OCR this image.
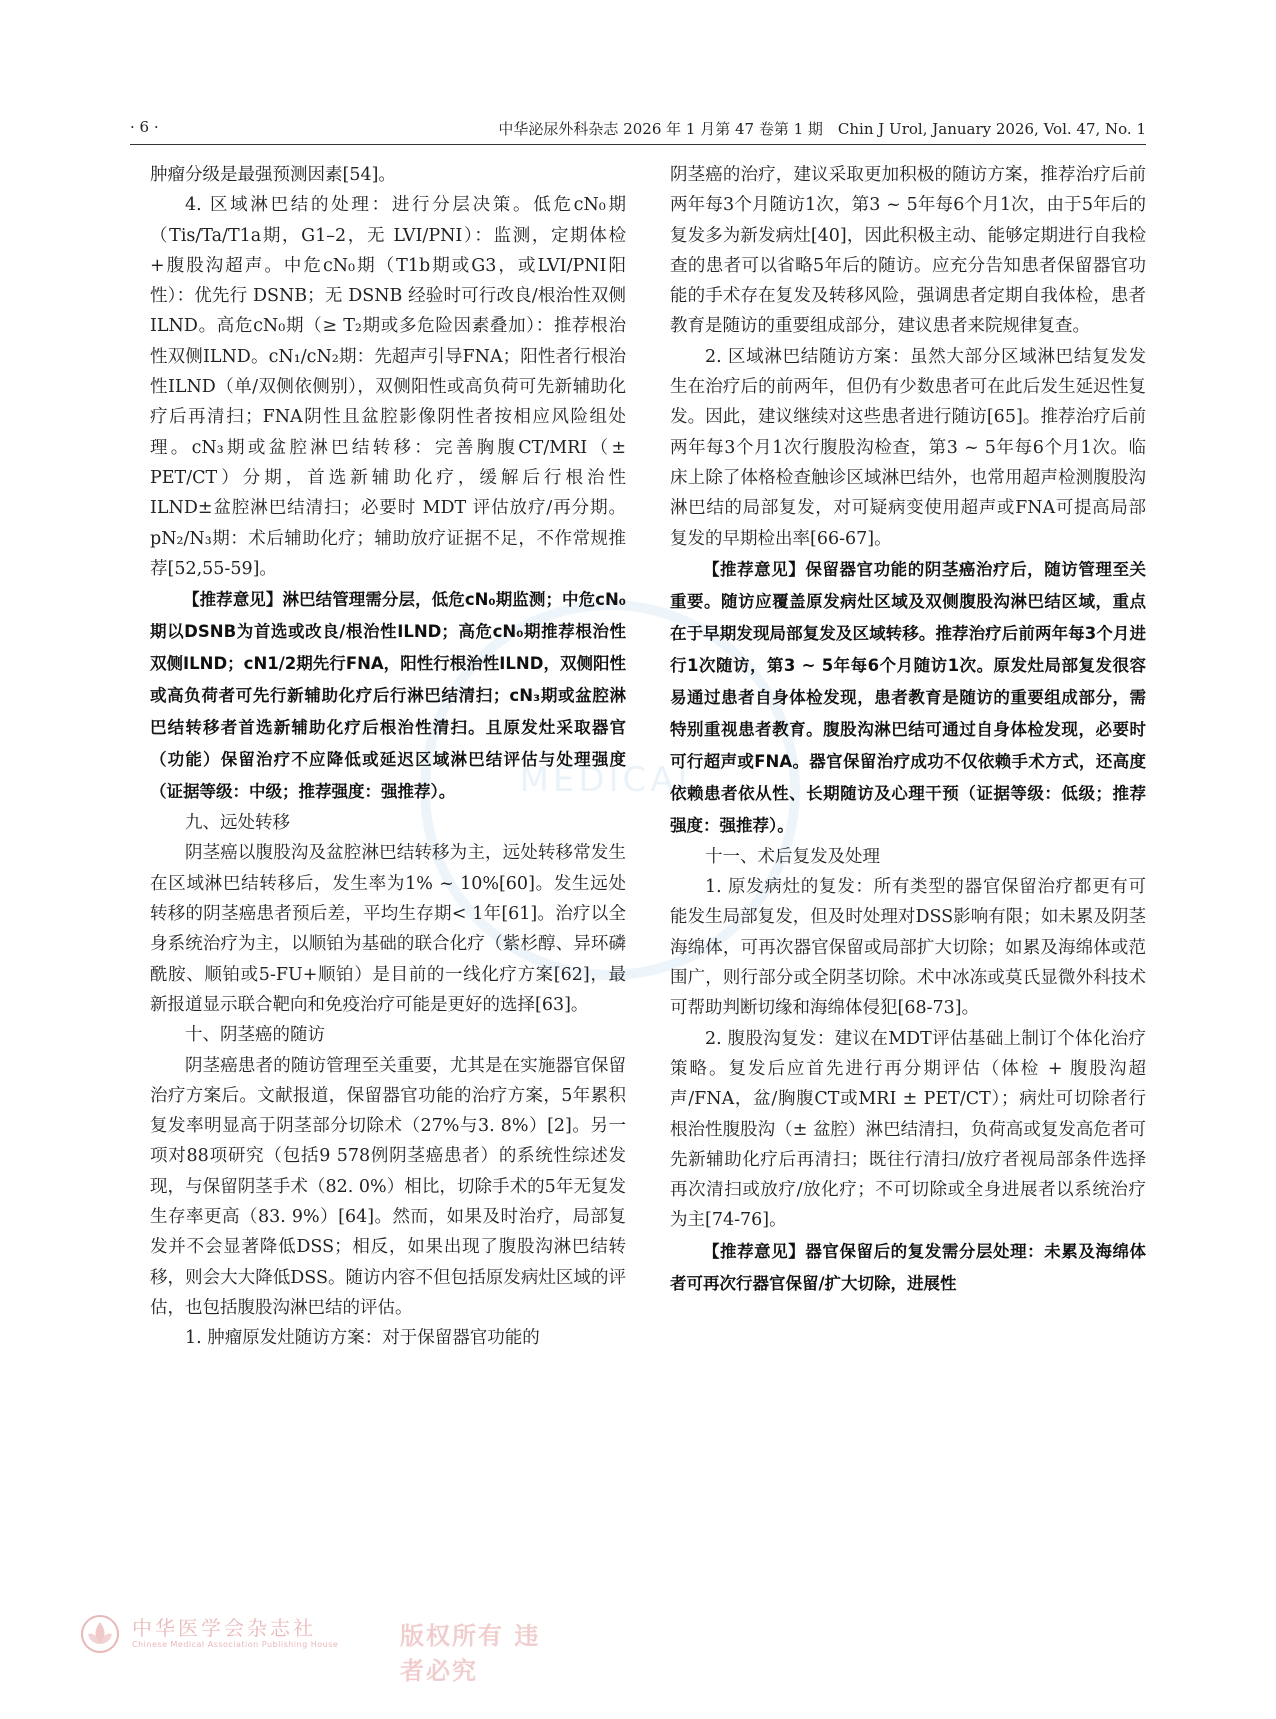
MEDICAL
· 6 ·	中华泌尿外科杂志 2026 年 1 月第 47 卷第 1 期　Chin J Urol, January 2026, Vol. 47, No. 1

肿瘤分级是最强预测因素[54]。

4. 区域淋巴结的处理：进行分层决策。低危cN₀期（Tis/Ta/T1a期，G1–2，无 LVI/PNI）：监测，定期体检+腹股沟超声。中危cN₀期（T1b期或G3，或LVI/PNI阳性）：优先行 DSNB；无 DSNB 经验时可行改良/根治性双侧ILND。高危cN₀期（≥ T₂期或多危险因素叠加）：推荐根治性双侧ILND。cN₁/cN₂期：先超声引导FNA；阳性者行根治性ILND（单/双侧依侧别），双侧阳性或高负荷可先新辅助化疗后再清扫；FNA阴性且盆腔影像阴性者按相应风险组处理。cN₃期或盆腔淋巴结转移：完善胸腹CT/MRI（± PET/CT）分期，首选新辅助化疗，缓解后行根治性ILND±盆腔淋巴结清扫；必要时 MDT 评估放疗/再分期。pN₂/N₃期：术后辅助化疗；辅助放疗证据不足，不作常规推荐[52,55-59]。

【推荐意见】淋巴结管理需分层，低危cN₀期监测；中危cN₀期以DSNB为首选或改良/根治性ILND；高危cN₀期推荐根治性双侧ILND；cN1/2期先行FNA，阳性行根治性ILND，双侧阳性或高负荷者可先行新辅助化疗后行淋巴结清扫；cN₃期或盆腔淋巴结转移者首选新辅助化疗后根治性清扫。且原发灶采取器官（功能）保留治疗不应降低或延迟区域淋巴结评估与处理强度（证据等级：中级；推荐强度：强推荐）。

九、远处转移

阴茎癌以腹股沟及盆腔淋巴结转移为主，远处转移常发生在区域淋巴结转移后，发生率为1% ~ 10%[60]。发生远处转移的阴茎癌患者预后差，平均生存期< 1年[61]。治疗以全身系统治疗为主，以顺铂为基础的联合化疗（紫杉醇、异环磷酰胺、顺铂或5-FU+顺铂）是目前的一线化疗方案[62]，最新报道显示联合靶向和免疫治疗可能是更好的选择[63]。

十、阴茎癌的随访

阴茎癌患者的随访管理至关重要，尤其是在实施器官保留治疗方案后。文献报道，保留器官功能的治疗方案，5年累积复发率明显高于阴茎部分切除术（27%与3. 8%）[2]。另一项对88项研究（包括9 578例阴茎癌患者）的系统性综述发现，与保留阴茎手术（82. 0%）相比，切除手术的5年无复发生存率更高（83. 9%）[64]。然而，如果及时治疗，局部复发并不会显著降低DSS；相反，如果出现了腹股沟淋巴结转移，则会大大降低DSS。随访内容不但包括原发病灶区域的评估，也包括腹股沟淋巴结的评估。

1. 肿瘤原发灶随访方案：对于保留器官功能的

阴茎癌的治疗，建议采取更加积极的随访方案，推荐治疗后前两年每3个月随访1次，第3 ~ 5年每6个月1次，由于5年后的复发多为新发病灶[40]，因此积极主动、能够定期进行自我检查的患者可以省略5年后的随访。应充分告知患者保留器官功能的手术存在复发及转移风险，强调患者定期自我体检，患者教育是随访的重要组成部分，建议患者来院规律复查。

2. 区域淋巴结随访方案：虽然大部分区域淋巴结复发发生在治疗后的前两年，但仍有少数患者可在此后发生延迟性复发。因此，建议继续对这些患者进行随访[65]。推荐治疗后前两年每3个月1次行腹股沟检查，第3 ~ 5年每6个月1次。临床上除了体格检查触诊区域淋巴结外，也常用超声检测腹股沟淋巴结的局部复发，对可疑病变使用超声或FNA可提高局部复发的早期检出率[66-67]。

【推荐意见】保留器官功能的阴茎癌治疗后，随访管理至关重要。随访应覆盖原发病灶区域及双侧腹股沟淋巴结区域，重点在于早期发现局部复发及区域转移。推荐治疗后前两年每3个月进行1次随访，第3 ~ 5年每6个月随访1次。原发灶局部复发很容易通过患者自身体检发现，患者教育是随访的重要组成部分，需特别重视患者教育。腹股沟淋巴结可通过自身体检发现，必要时可行超声或FNA。器官保留治疗成功不仅依赖手术方式，还高度依赖患者依从性、长期随访及心理干预（证据等级：低级；推荐强度：强推荐）。

十一、术后复发及处理

1. 原发病灶的复发：所有类型的器官保留治疗都更有可能发生局部复发，但及时处理对DSS影响有限；如未累及阴茎海绵体，可再次器官保留或局部扩大切除；如累及海绵体或范围广，则行部分或全阴茎切除。术中冰冻或莫氏显微外科技术可帮助判断切缘和海绵体侵犯[68-73]。

2. 腹股沟复发：建议在MDT评估基础上制订个体化治疗策略。复发后应首先进行再分期评估（体检 + 腹股沟超声/FNA，盆/胸腹CT或MRI ± PET/CT）；病灶可切除者行根治性腹股沟（± 盆腔）淋巴结清扫，负荷高或复发高危者可先新辅助化疗后再清扫；既往行清扫/放疗者视局部条件选择再次清扫或放疗/放化疗；不可切除或全身进展者以系统治疗为主[74-76]。

【推荐意见】器官保留后的复发需分层处理：未累及海绵体者可再次行器官保留/扩大切除，进展性

中华医学会杂志社
Chinese Medical Association Publishing House	版权所有 违者必究
